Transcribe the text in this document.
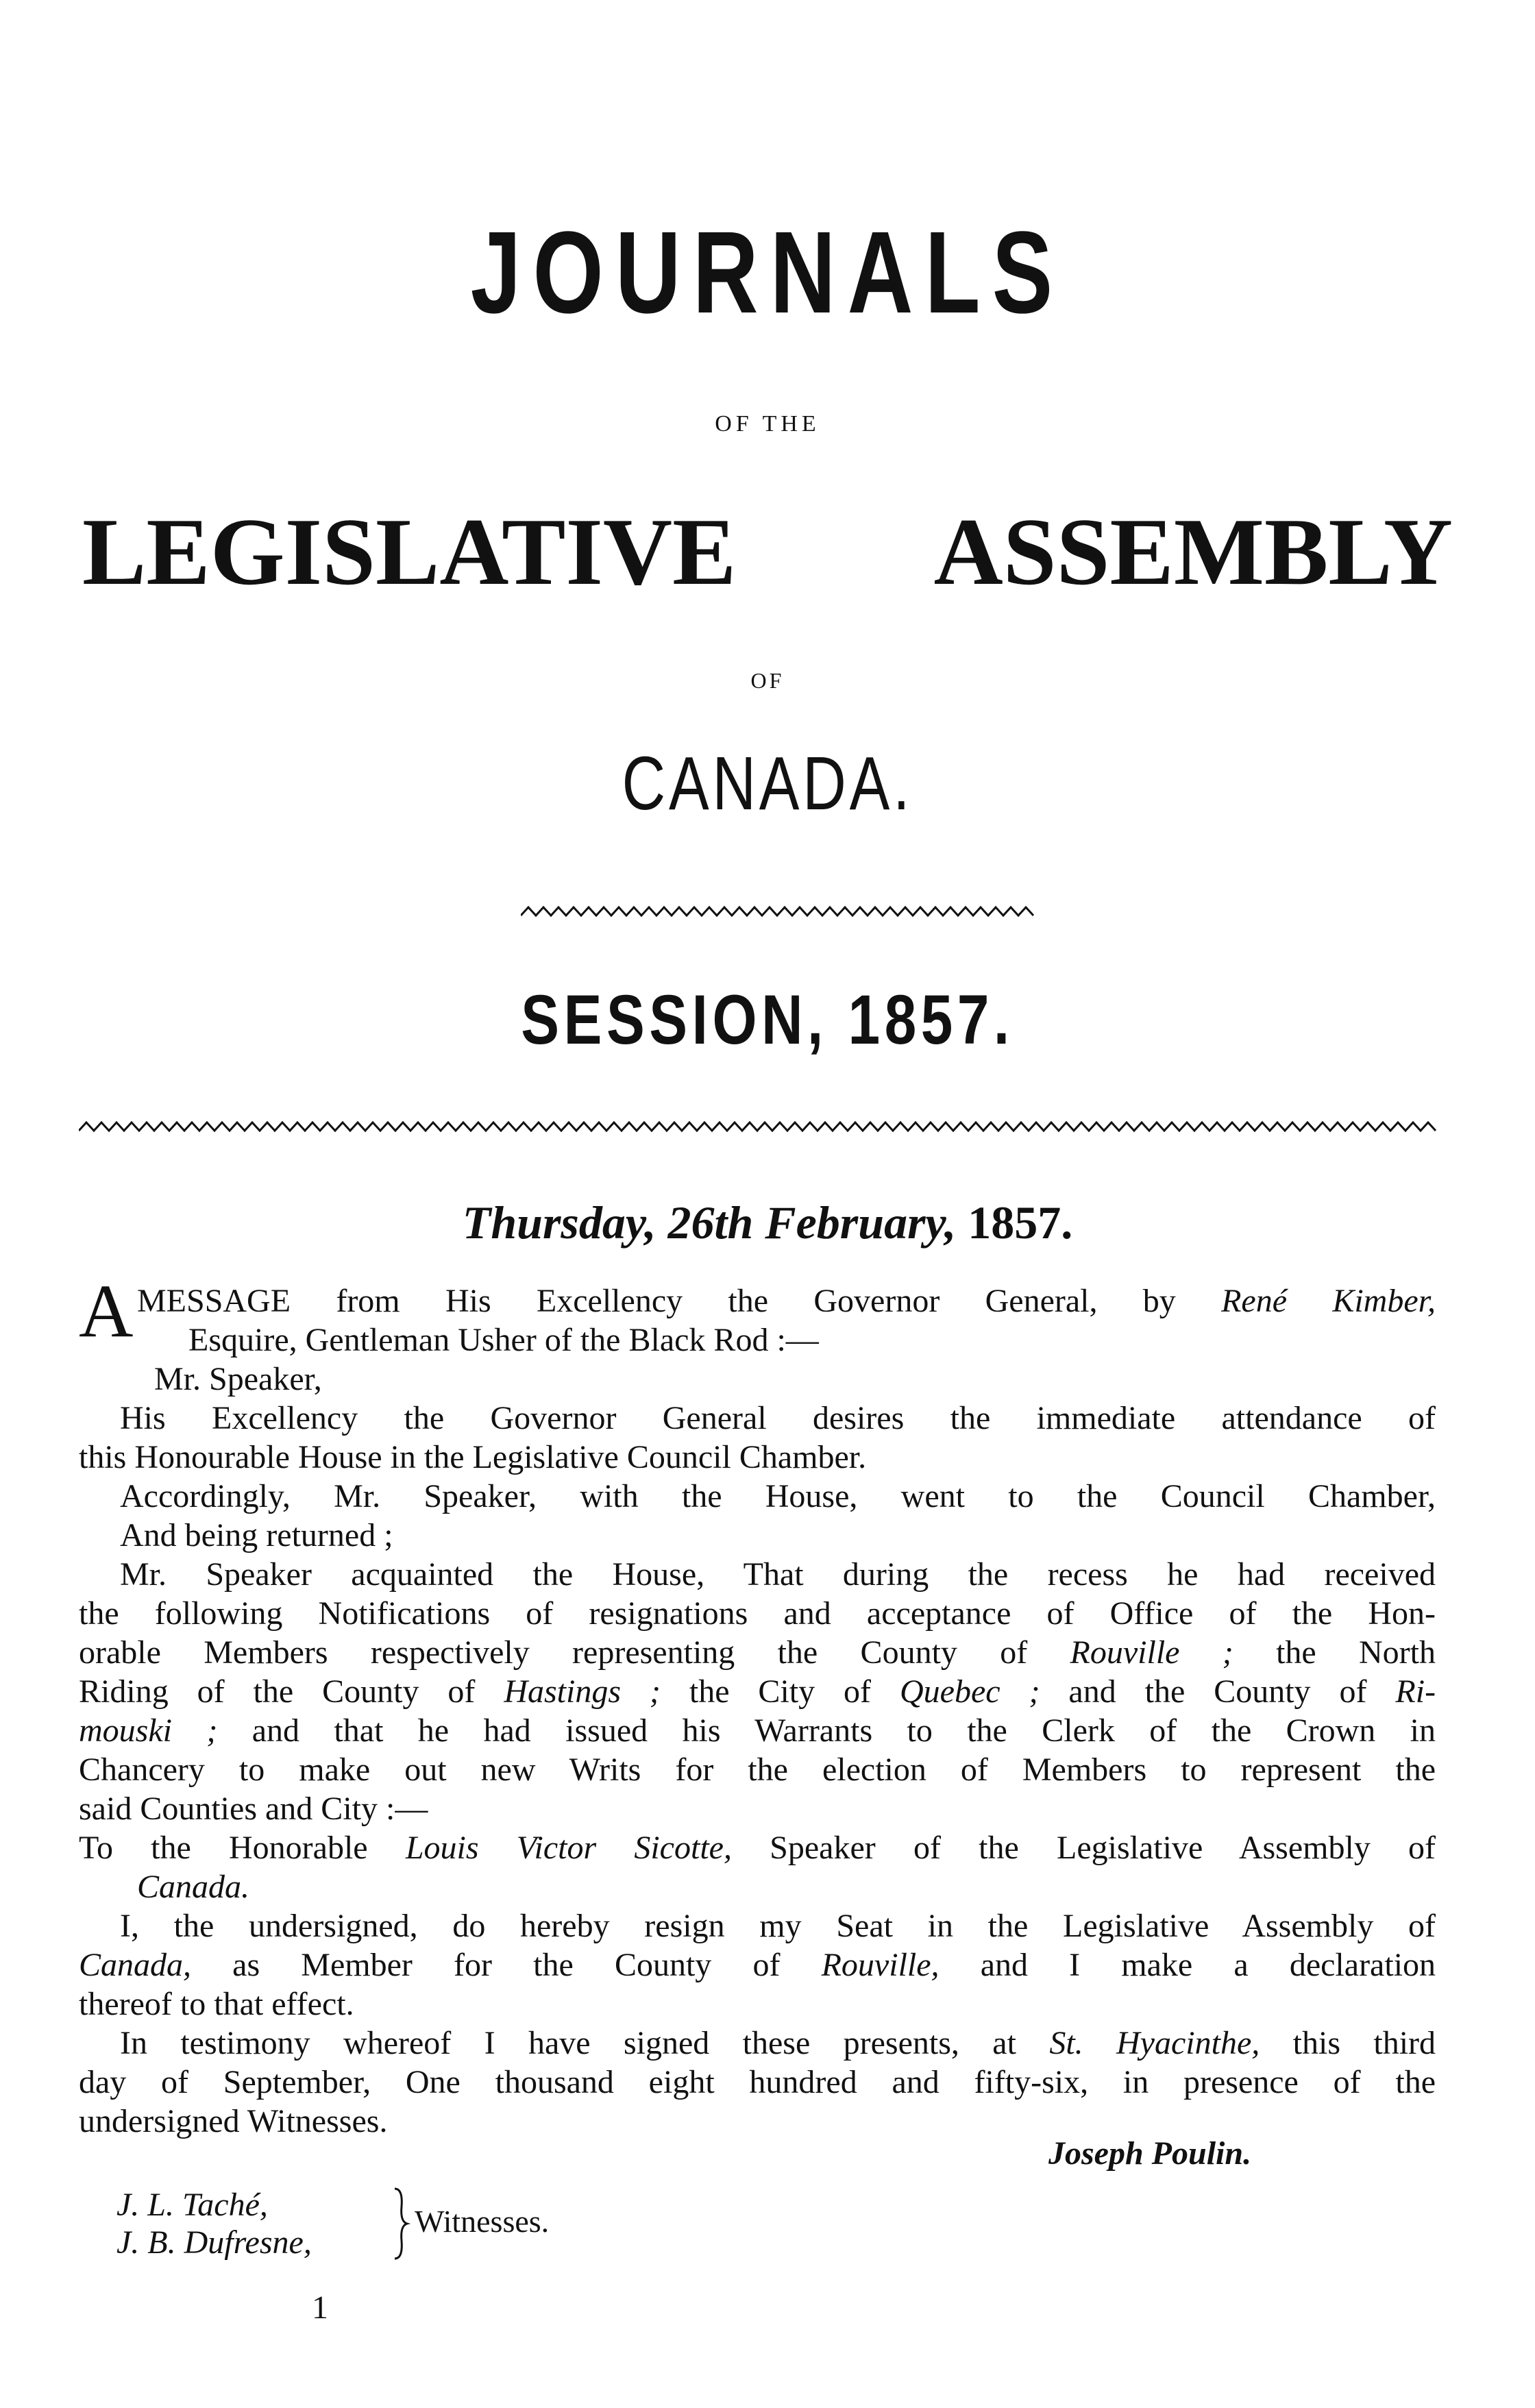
JOURNALS
OF THE
LEGISLATIVE ASSEMBLY
OF
CANADA.
SESSION, 1857.
Thursday, 26th February, 1857.
A MESSAGE from His Excellency the Governor General, by René Kimber,
Esquire, Gentleman Usher of the Black Rod :—
Mr. Speaker,
His Excellency the Governor General desires the immediate attendance of
this Honourable House in the Legislative Council Chamber.
Accordingly, Mr. Speaker, with the House, went to the Council Chamber,
And being returned ;
Mr. Speaker acquainted the House, That during the recess he had received
the following Notifications of resignations and acceptance of Office of the Hon-
orable Members respectively representing the County of Rouville ; the North
Riding of the County of Hastings ; the City of Quebec ; and the County of Ri-
mouski ; and that he had issued his Warrants to the Clerk of the Crown in
Chancery to make out new Writs for the election of Members to represent the
said Counties and City :—
To the Honorable Louis Victor Sicotte, Speaker of the Legislative Assembly of
Canada.
I, the undersigned, do hereby resign my Seat in the Legislative Assembly of
Canada, as Member for the County of Rouville, and I make a declaration
thereof to that effect.
In testimony whereof I have signed these presents, at St. Hyacinthe, this third
day of September, One thousand eight hundred and fifty-six, in presence of the
undersigned Witnesses.
Joseph Poulin.
J. L. Taché,
J. B. Dufresne,
Witnesses.
1
